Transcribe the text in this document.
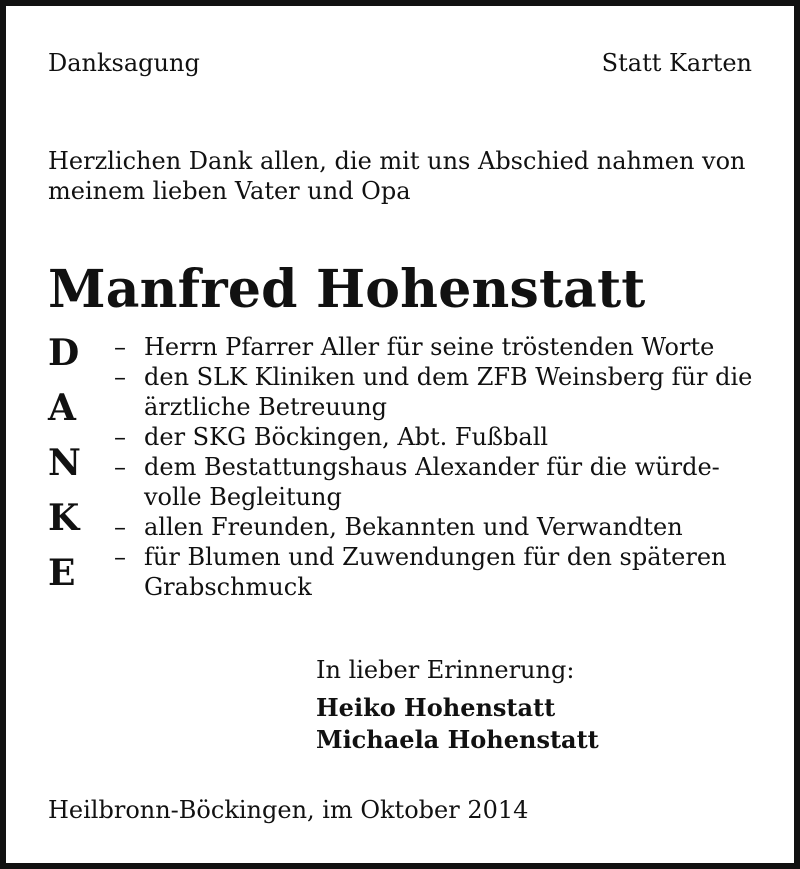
Danksagung	Statt Karten

Herzlichen Dank allen, die mit uns Abschied nahmen von meinem lieben Vater und Opa

Manfred Hohenstatt
D
A
N
K
E
– Herrn Pfarrer Aller für seine tröstenden Worte
– den SLK Kliniken und dem ZFB Weinsberg für die
ärztliche Betreuung
– der SKG Böckingen, Abt. Fußball
– dem Bestattungshaus Alexander für die würde-
volle Begleitung
– allen Freunden, Bekannten und Verwandten
– für Blumen und Zuwendungen für den späteren
Grabschmuck
In lieber Erinnerung:
Heiko Hohenstatt
Michaela Hohenstatt
Heilbronn-Böckingen, im Oktober 2014
